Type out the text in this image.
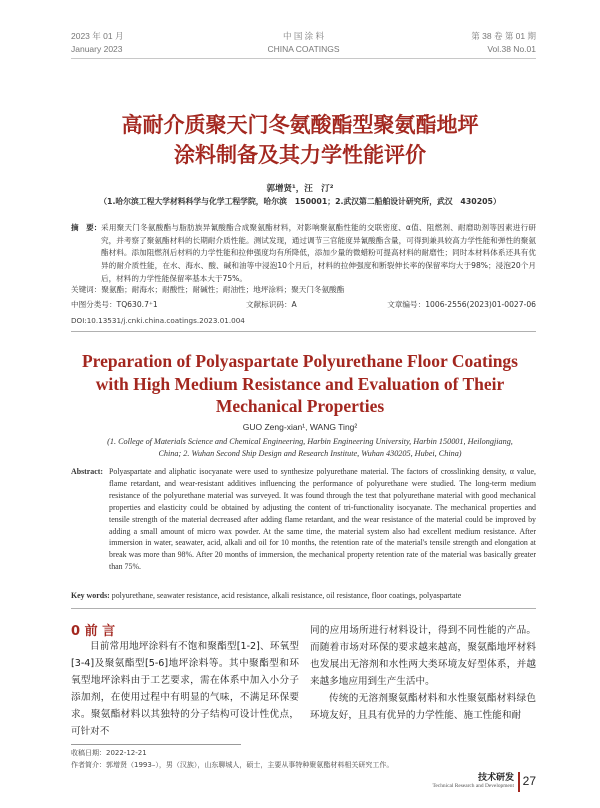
2023 年 01 月
January 2023
中 国 涂 料
CHINA COATINGS
第 38 卷 第 01 期
Vol.38 No.01
高耐介质聚天门冬氨酸酯型聚氨酯地坪
涂料制备及其力学性能评价
郭增贤¹，汪　汀²
（1.哈尔滨工程大学材料科学与化学工程学院，哈尔滨　150001；2.武汉第二船舶设计研究所，武汉　430205）
摘　要： 采用聚天门冬氨酸酯与脂肪族异氰酸酯合成聚氨酯材料，对影响聚氨酯性能的交联密度、α值、阻燃剂、耐磨助剂等因素进行研究，并考察了聚氨酯材料的长期耐介质性能。测试发现，通过调节三官能度异氰酸酯含量，可得到兼具较高力学性能和弹性的聚氨酯材料。添加阻燃剂后材料的力学性能和拉伸强度均有所降低，添加少量的微蜡粉可提高材料的耐磨性；同时本材料体系还具有优异的耐介质性能，在水、海水、酸、碱和油等中浸泡10个月后，材料的拉伸强度和断裂伸长率的保留率均大于98%；浸泡20个月后，材料的力学性能保留率基本大于75%。
关键词：聚氨酯；耐海水；耐酸性；耐碱性；耐油性；地坪涂料；聚天门冬氨酸酯
中图分类号：TQ630.7⁺1	文献标识码：A	文章编号：1006-2556(2023)01-0027-06
DOI:10.13531/j.cnki.china.coatings.2023.01.004
Preparation of Polyaspartate Polyurethane Floor Coatings
with High Medium Resistance and Evaluation of Their
Mechanical Properties
GUO Zeng-xian¹, WANG Ting²
(1. College of Materials Science and Chemical Engineering, Harbin Engineering University, Harbin 150001, Heilongjiang,
China; 2. Wuhan Second Ship Design and Research Institute, Wuhan 430205, Hubei, China)
Abstract: Polyaspartate and aliphatic isocyanate were used to synthesize polyurethane material. The factors of crosslinking density, α value, flame retardant, and wear-resistant additives influencing the performance of polyurethane were studied. The long-term medium resistance of the polyurethane material was surveyed. It was found through the test that polyurethane material with good mechanical properties and elasticity could be obtained by adjusting the content of tri-functionality isocyanate. The mechanical properties and tensile strength of the material decreased after adding flame retardant, and the wear resistance of the material could be improved by adding a small amount of micro wax powder. At the same time, the material system also had excellent medium resistance. After immersion in water, seawater, acid, alkali and oil for 10 months, the retention rate of the material's tensile strength and elongation at break was more than 98%. After 20 months of immersion, the mechanical property retention rate of the material was basically greater than 75%.
Key words: polyurethane, seawater resistance, acid resistance, alkali resistance, oil resistance, floor coatings, polyaspartate
0 前 言

目前常用地坪涂料有不饱和聚酯型[1-2]、环氧型[3-4]及聚氨酯型[5-6]地坪涂料等。其中聚酯型和环氧型地坪涂料由于工艺要求，需在体系中加入小分子添加剂，在使用过程中有明显的气味，不满足环保要求。聚氨酯材料以其独特的分子结构可设计性优点，可针对不

同的应用场所进行材料设计，得到不同性能的产品。而随着市场对环保的要求越来越高，聚氨酯地坪材料也发展出无溶剂和水性两大类环境友好型体系，并越来越多地应用到生产生活中。

传统的无溶剂聚氨酯材料和水性聚氨酯材料绿色环境友好，且具有优异的力学性能、施工性能和耐

收稿日期：2022-12-21
作者简介：郭增贤（1993–），男（汉族），山东聊城人，硕士，主要从事特种聚氨酯材料相关研究工作。
技术研发
Technical Research and Development 27
